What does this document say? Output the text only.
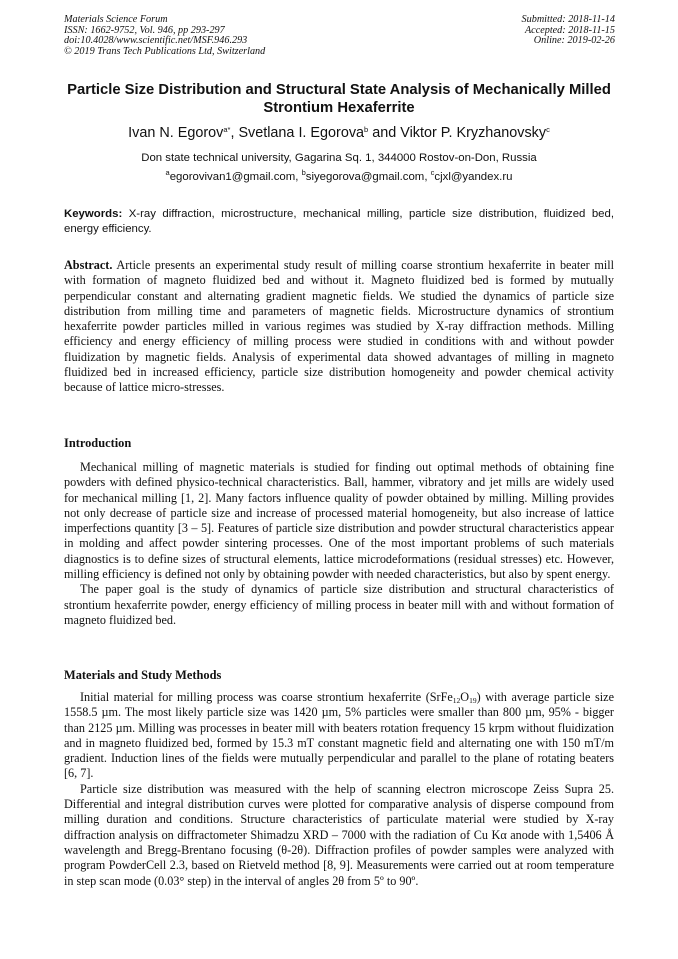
Materials Science Forum
ISSN: 1662-9752, Vol. 946, pp 293-297
doi:10.4028/www.scientific.net/MSF.946.293
© 2019 Trans Tech Publications Ltd, Switzerland
Submitted: 2018-11-14
Accepted: 2018-11-15
Online: 2019-02-26
Particle Size Distribution and Structural State Analysis of Mechanically Milled Strontium Hexaferrite
Ivan N. Egorov$^{a*}$, Svetlana I. Egorova$^b$ and Viktor P. Kryzhanovsky$^c$
Don state technical university, Gagarina Sq. 1, 344000 Rostov-on-Don, Russia
$^a$egorovivan1@gmail.com, $^b$siyegorova@gmail.com, $^c$cjxl@yandex.ru
Keywords: X-ray diffraction, microstructure, mechanical milling, particle size distribution, fluidized bed, energy efficiency.

Abstract. Article presents an experimental study result of milling coarse strontium hexaferrite in beater mill with formation of magneto fluidized bed and without it. Magneto fluidized bed is formed by mutually perpendicular constant and alternating gradient magnetic fields. We studied the dynamics of particle size distribution from milling time and parameters of magnetic fields. Microstructure dynamics of strontium hexaferrite powder particles milled in various regimes was studied by X-ray diffraction methods. Milling efficiency and energy efficiency of milling process were studied in conditions with and without powder fluidization by magnetic fields. Analysis of experimental data showed advantages of milling in magneto fluidized bed in increased efficiency, particle size distribution homogeneity and powder chemical activity because of lattice micro-stresses.

Introduction

Mechanical milling of magnetic materials is studied for finding out optimal methods of obtaining fine powders with defined physico-technical characteristics. Ball, hammer, vibratory and jet mills are widely used for mechanical milling [1, 2]. Many factors influence quality of powder obtained by milling. Milling provides not only decrease of particle size and increase of processed material homogeneity, but also increase of lattice imperfections quantity [3 – 5]. Features of particle size distribution and powder structural characteristics appear in molding and affect powder sintering processes. One of the most important problems of such materials diagnostics is to define sizes of structural elements, lattice microdeformations (residual stresses) etc. However, milling efficiency is defined not only by obtaining powder with needed characteristics, but also by spent energy.

The paper goal is the study of dynamics of particle size distribution and structural characteristics of strontium hexaferrite powder, energy efficiency of milling process in beater mill with and without formation of magneto fluidized bed.

Materials and Study Methods

Initial material for milling process was coarse strontium hexaferrite $(SrFe_{12}O_{19})$ with average particle size 1558.5 µm. The most likely particle size was 1420 µm, 5% particles were smaller than 800 µm, 95% - bigger than 2125 µm. Milling was processes in beater mill with beaters rotation frequency 15 krpm without fluidization and in magneto fluidized bed, formed by 15.3 mT constant magnetic field and alternating one with 150 mT/m gradient. Induction lines of the fields were mutually perpendicular and parallel to the plane of rotating beaters [6, 7].

Particle size distribution was measured with the help of scanning electron microscope Zeiss Supra 25. Differential and integral distribution curves were plotted for comparative analysis of disperse compound from milling duration and conditions. Structure characteristics of particulate material were studied by X-ray diffraction analysis on diffractometer Shimadzu XRD – 7000 with the radiation of Cu Kα anode with 1,5406 Å wavelength and Bregg-Brentano focusing (θ-2θ). Diffraction profiles of powder samples were analyzed with program PowderCell 2.3, based on Rietveld method [8, 9]. Measurements were carried out at room temperature in step scan mode (0.03° step) in the interval of angles 2θ from 5º to 90º.
